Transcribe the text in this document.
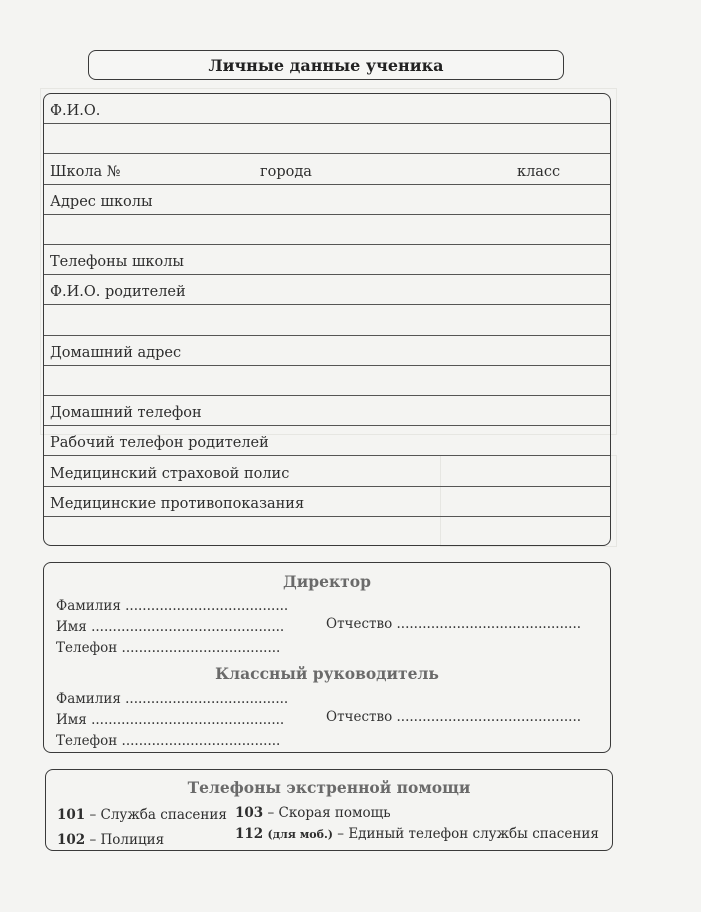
Личные данные ученика
Ф.И.О.
Школа №	города	класс
Адрес школы
Телефоны школы
Ф.И.О. родителей
Домашний адрес
Домашний телефон
Рабочий телефон родителей
Медицинский страховой полис
Медицинские противопоказания
Директор
Фамилия ......................................
Имя .............................................	Отчество ...........................................
Телефон .....................................
Классный руководитель
Фамилия ......................................
Имя .............................................	Отчество ...........................................
Телефон .....................................
Телефоны экстренной помощи
101 – Служба спасения 103 – Скорая помощь
102 – Полиция	112 (для моб.) – Единый телефон службы спасения
